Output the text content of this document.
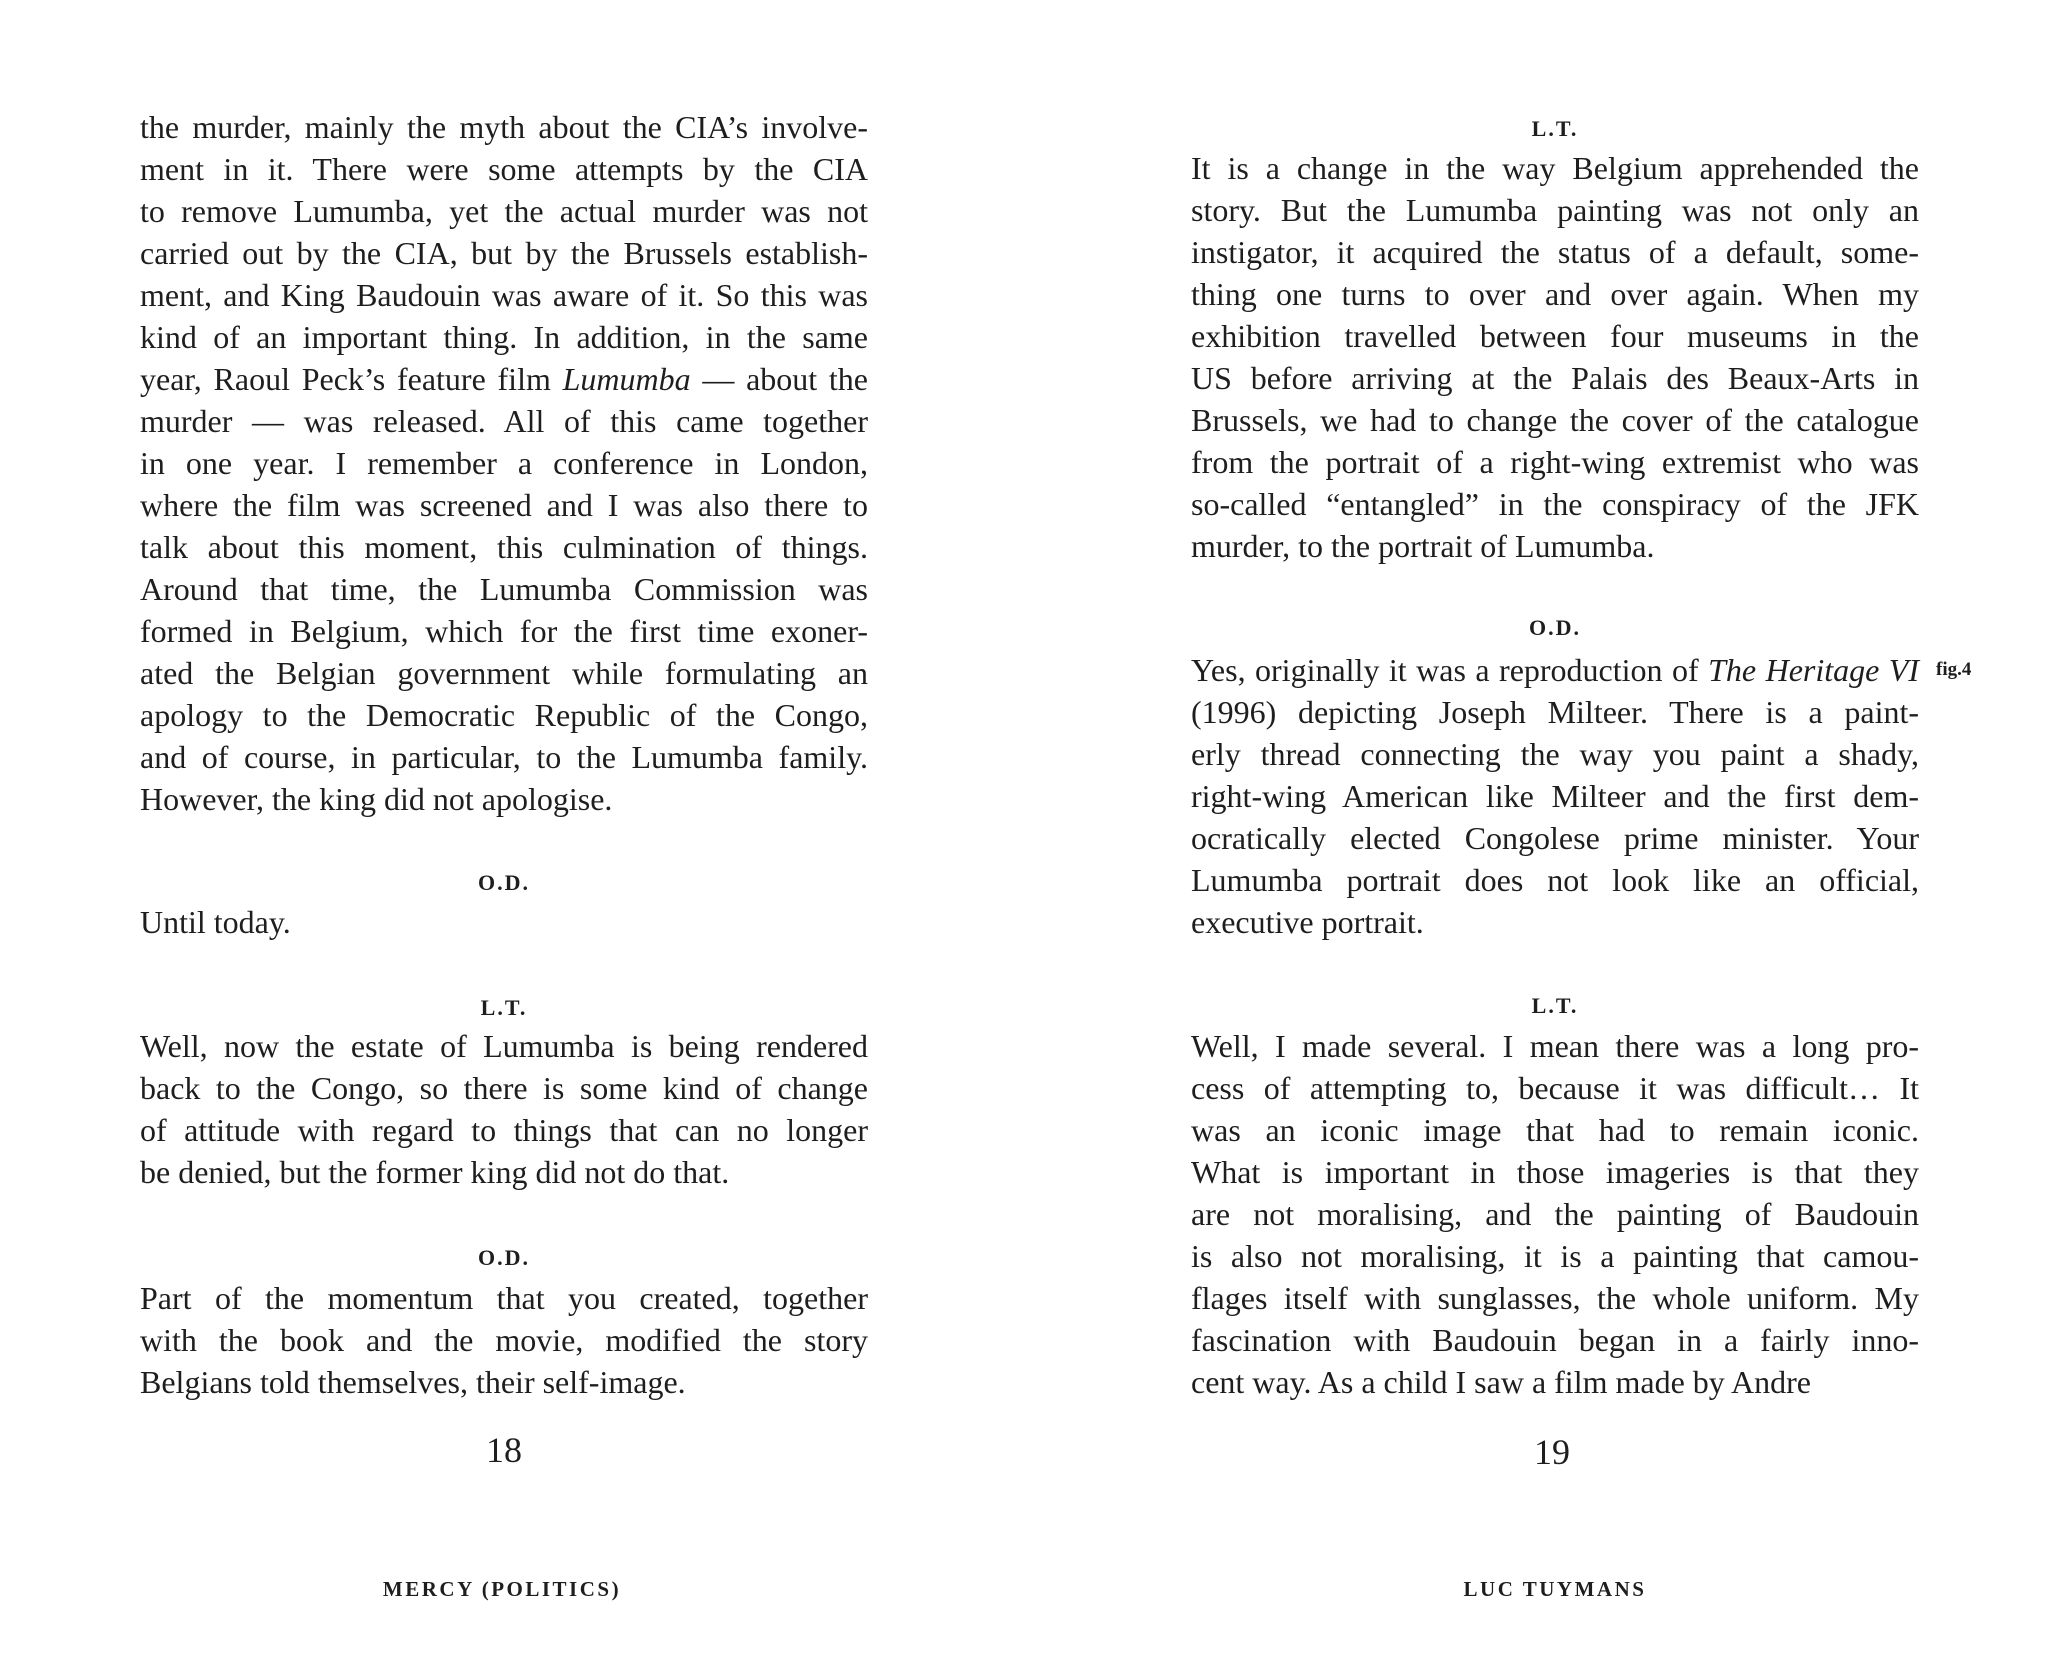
the murder, mainly the myth about the CIA’s involve-
ment in it. There were some attempts by the CIA
to remove Lumumba, yet the actual murder was not
carried out by the CIA, but by the Brussels establish-
ment, and King Baudouin was aware of it. So this was
kind of an important thing. In addition, in the same
year, Raoul Peck’s feature film Lumumba — about the
murder — was released. All of this came together
in one year. I remember a conference in London,
where the film was screened and I was also there to
talk about this moment, this culmination of things.
Around that time, the Lumumba Commission was
formed in Belgium, which for the first time exoner-
ated the Belgian government while formulating an
apology to the Democratic Republic of the Congo,
and of course, in particular, to the Lumumba family.
However, the king did not apologise.
O.D.
Until today.
L.T.
Well, now the estate of Lumumba is being rendered
back to the Congo, so there is some kind of change
of attitude with regard to things that can no longer
be denied, but the former king did not do that.
O.D.
Part of the momentum that you created, together
with the book and the movie, modified the story
Belgians told themselves, their self-image.
L.T.
It is a change in the way Belgium apprehended the
story. But the Lumumba painting was not only an
instigator, it acquired the status of a default, some-
thing one turns to over and over again. When my
exhibition travelled between four museums in the
US before arriving at the Palais des Beaux-Arts in
Brussels, we had to change the cover of the catalogue
from the portrait of a right-wing extremist who was
so-called “entangled” in the conspiracy of the JFK
murder, to the portrait of Lumumba.
O.D.
Yes, originally it was a reproduction of The Heritage VI
(1996) depicting Joseph Milteer. There is a paint-
erly thread connecting the way you paint a shady,
right-wing American like Milteer and the first dem-
ocratically elected Congolese prime minister. Your
Lumumba portrait does not look like an official,
executive portrait.
L.T.
Well, I made several. I mean there was a long pro-
cess of attempting to, because it was difficult… It
was an iconic image that had to remain iconic.
What is important in those imageries is that they
are not moralising, and the painting of Baudouin
is also not moralising, it is a painting that camou-
flages itself with sunglasses, the whole uniform. My
fascination with Baudouin began in a fairly inno-
cent way. As a child I saw a film made by Andre
fig.4
18	19
MERCY (POLITICS)	LUC TUYMANS
